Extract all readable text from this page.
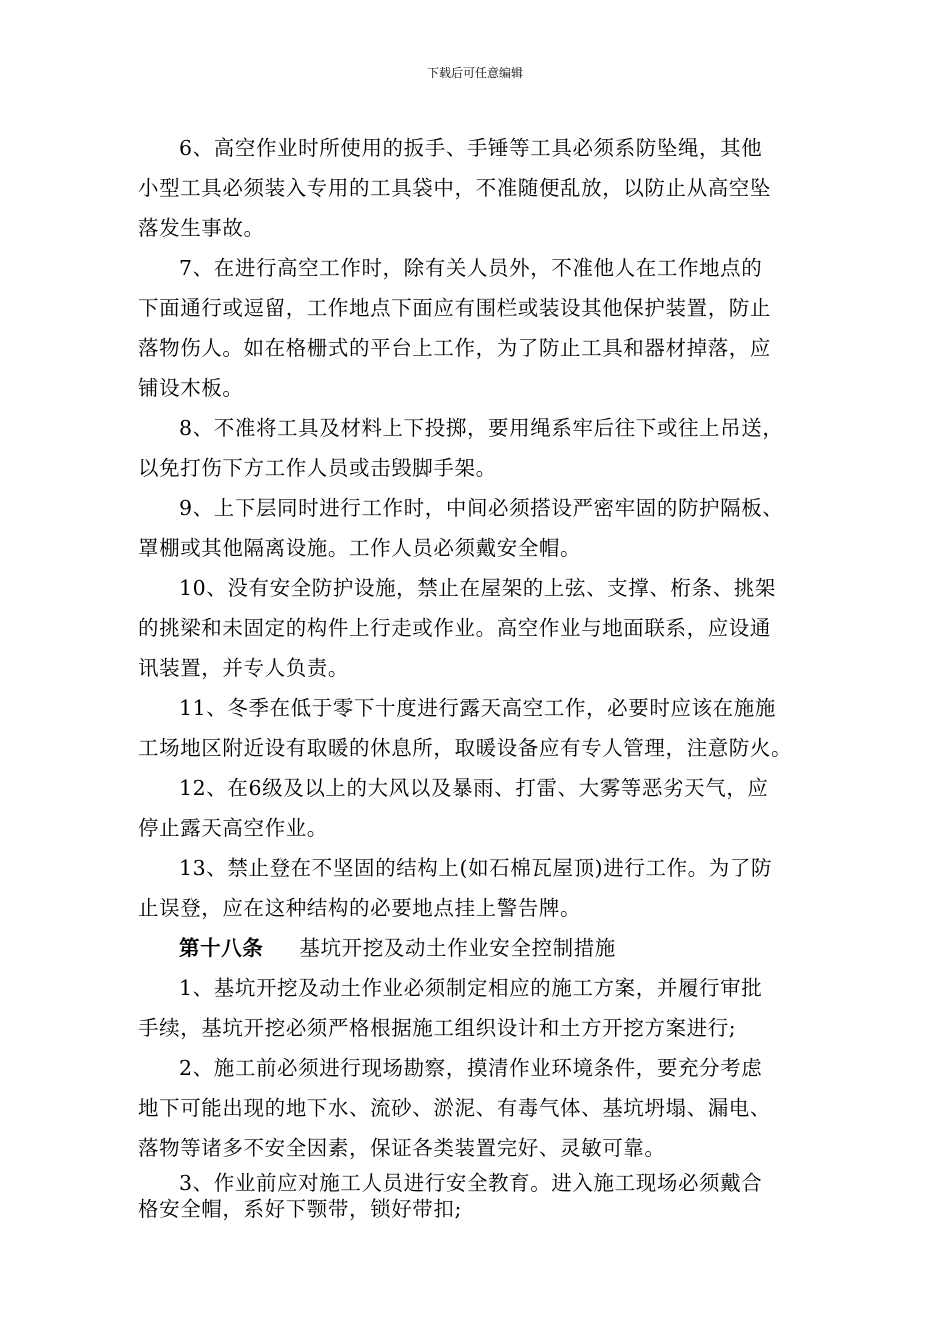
下载后可任意编辑
6、高空作业时所使用的扳手、手锤等工具必须系防坠绳，其他
小型工具必须装入专用的工具袋中，不准随便乱放，以防止从高空坠
落发生事故。
7、在进行高空工作时，除有关人员外，不准他人在工作地点的
下面通行或逗留，工作地点下面应有围栏或装设其他保护装置，防止
落物伤人。如在格栅式的平台上工作，为了防止工具和器材掉落，应
铺设木板。
8、不准将工具及材料上下投掷，要用绳系牢后往下或往上吊送，
以免打伤下方工作人员或击毁脚手架。
9、上下层同时进行工作时，中间必须搭设严密牢固的防护隔板、
罩棚或其他隔离设施。工作人员必须戴安全帽。
10、没有安全防护设施，禁止在屋架的上弦、支撑、桁条、挑架
的挑梁和未固定的构件上行走或作业。高空作业与地面联系，应设通
讯装置，并专人负责。
11、冬季在低于零下十度进行露天高空工作，必要时应该在施施
工场地区附近设有取暖的休息所，取暖设备应有专人管理，注意防火。
12、在6级及以上的大风以及暴雨、打雷、大雾等恶劣天气，应
停止露天高空作业。
13、禁止登在不坚固的结构上(如石棉瓦屋顶)进行工作。为了防
止误登，应在这种结构的必要地点挂上警告牌。
第十八条 基坑开挖及动土作业安全控制措施
1、基坑开挖及动土作业必须制定相应的施工方案，并履行审批
手续，基坑开挖必须严格根据施工组织设计和土方开挖方案进行;
2、施工前必须进行现场勘察，摸清作业环境条件，要充分考虑
地下可能出现的地下水、流砂、淤泥、有毒气体、基坑坍塌、漏电、
落物等诸多不安全因素，保证各类装置完好、灵敏可靠。
3、作业前应对施工人员进行安全教育。进入施工现场必须戴合
格安全帽，系好下颚带，锁好带扣;
